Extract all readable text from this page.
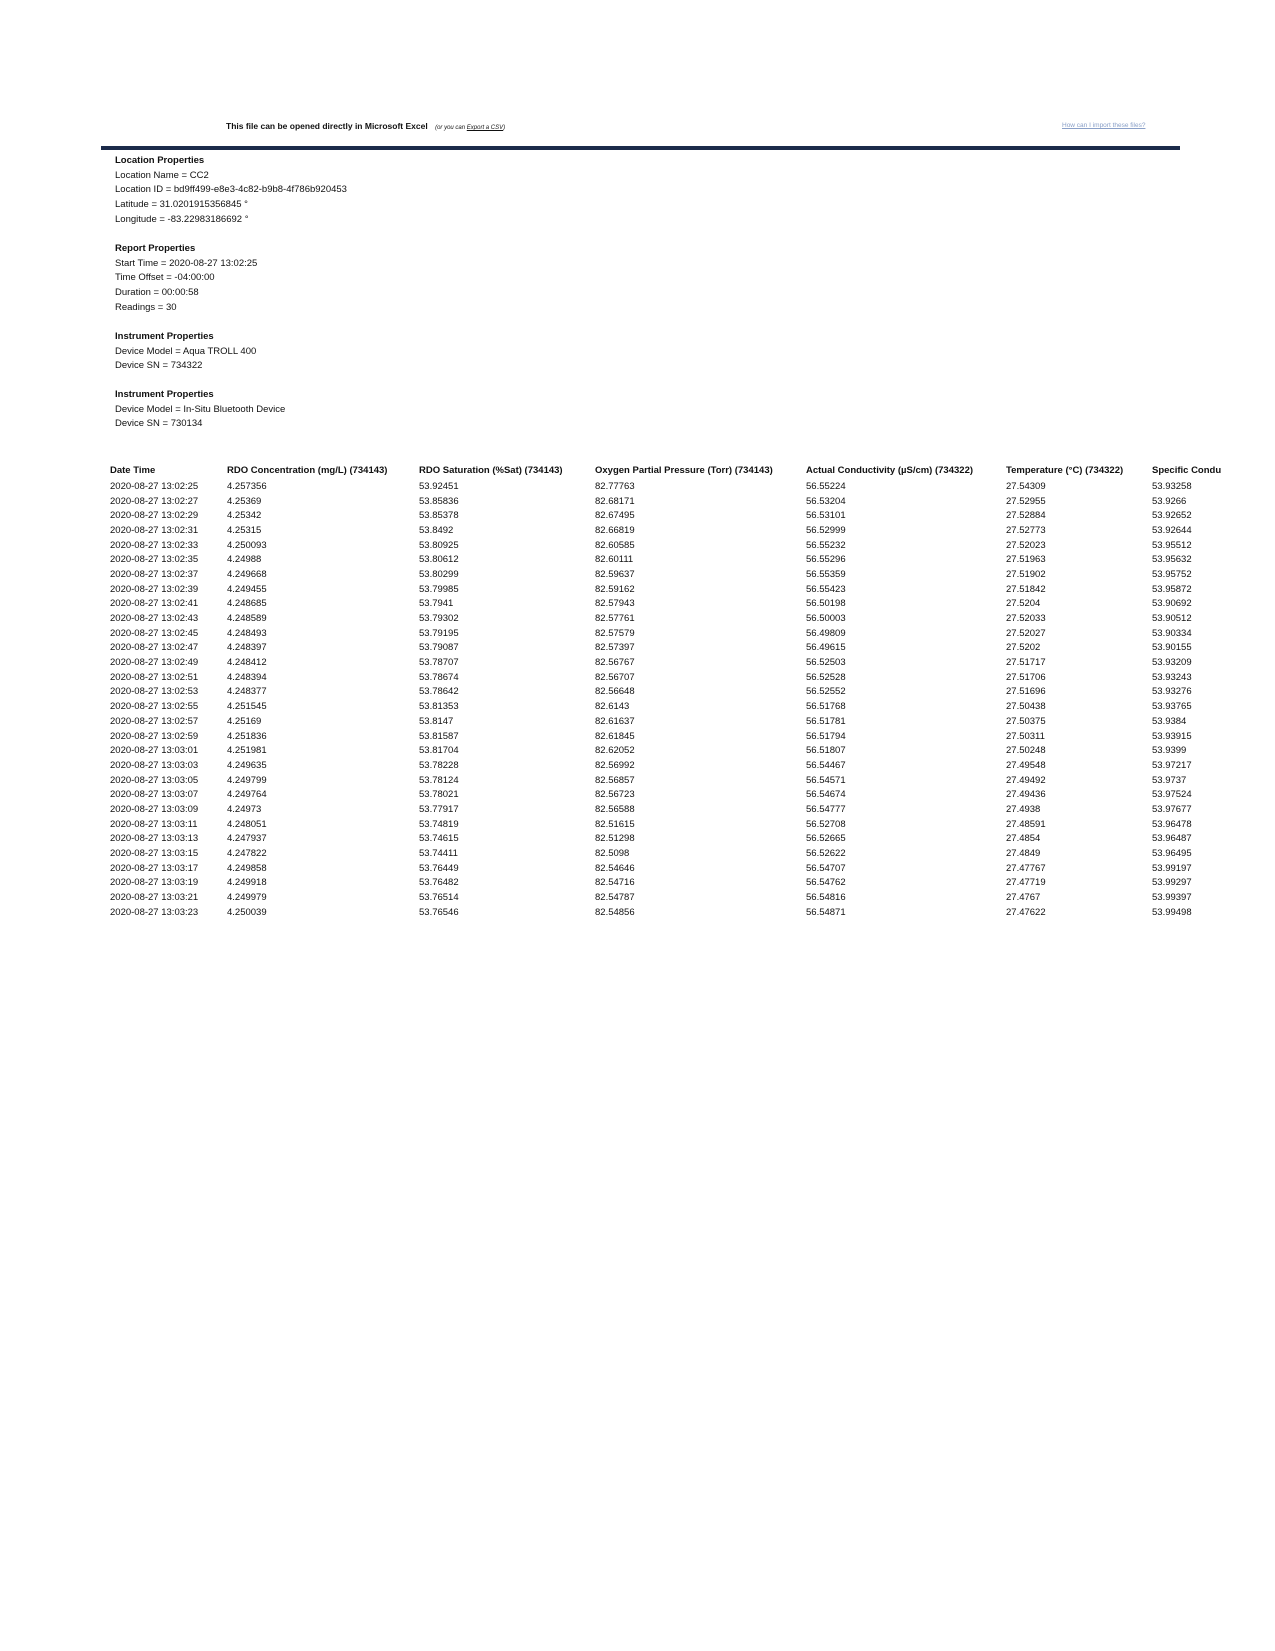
This file can be opened directly in Microsoft Excel (or you can Export a CSV)	How can I import these files?
Location Properties
Location Name = CC2
Location ID = bd9ff499-e8e3-4c82-b9b8-4f786b920453
Latitude = 31.0201915356845 °
Longitude = -83.22983186692 °
Report Properties
Start Time = 2020-08-27 13:02:25
Time Offset = -04:00:00
Duration = 00:00:58
Readings = 30
Instrument Properties
Device Model = Aqua TROLL 400
Device SN = 734322
Instrument Properties
Device Model = In-Situ Bluetooth Device
Device SN = 730134
Date Time	RDO Concentration (mg/L) (734143)	RDO Saturation (%Sat) (734143)	Oxygen Partial Pressure (Torr) (734143)	Actual Conductivity (µS/cm) (734322)	Temperature (°C) (734322)	Specific Condu
2020-08-27 13:02:25	4.257356	53.92451	82.77763	56.55224	27.54309	53.93258
2020-08-27 13:02:27	4.25369	53.85836	82.68171	56.53204	27.52955	53.9266
2020-08-27 13:02:29	4.25342	53.85378	82.67495	56.53101	27.52884	53.92652
2020-08-27 13:02:31	4.25315	53.8492	82.66819	56.52999	27.52773	53.92644
2020-08-27 13:02:33	4.250093	53.80925	82.60585	56.55232	27.52023	53.95512
2020-08-27 13:02:35	4.24988	53.80612	82.60111	56.55296	27.51963	53.95632
2020-08-27 13:02:37	4.249668	53.80299	82.59637	56.55359	27.51902	53.95752
2020-08-27 13:02:39	4.249455	53.79985	82.59162	56.55423	27.51842	53.95872
2020-08-27 13:02:41	4.248685	53.7941	82.57943	56.50198	27.5204	53.90692
2020-08-27 13:02:43	4.248589	53.79302	82.57761	56.50003	27.52033	53.90512
2020-08-27 13:02:45	4.248493	53.79195	82.57579	56.49809	27.52027	53.90334
2020-08-27 13:02:47	4.248397	53.79087	82.57397	56.49615	27.5202	53.90155
2020-08-27 13:02:49	4.248412	53.78707	82.56767	56.52503	27.51717	53.93209
2020-08-27 13:02:51	4.248394	53.78674	82.56707	56.52528	27.51706	53.93243
2020-08-27 13:02:53	4.248377	53.78642	82.56648	56.52552	27.51696	53.93276
2020-08-27 13:02:55	4.251545	53.81353	82.6143	56.51768	27.50438	53.93765
2020-08-27 13:02:57	4.25169	53.8147	82.61637	56.51781	27.50375	53.9384
2020-08-27 13:02:59	4.251836	53.81587	82.61845	56.51794	27.50311	53.93915
2020-08-27 13:03:01	4.251981	53.81704	82.62052	56.51807	27.50248	53.9399
2020-08-27 13:03:03	4.249635	53.78228	82.56992	56.54467	27.49548	53.97217
2020-08-27 13:03:05	4.249799	53.78124	82.56857	56.54571	27.49492	53.9737
2020-08-27 13:03:07	4.249764	53.78021	82.56723	56.54674	27.49436	53.97524
2020-08-27 13:03:09	4.24973	53.77917	82.56588	56.54777	27.4938	53.97677
2020-08-27 13:03:11	4.248051	53.74819	82.51615	56.52708	27.48591	53.96478
2020-08-27 13:03:13	4.247937	53.74615	82.51298	56.52665	27.4854	53.96487
2020-08-27 13:03:15	4.247822	53.74411	82.5098	56.52622	27.4849	53.96495
2020-08-27 13:03:17	4.249858	53.76449	82.54646	56.54707	27.47767	53.99197
2020-08-27 13:03:19	4.249918	53.76482	82.54716	56.54762	27.47719	53.99297
2020-08-27 13:03:21	4.249979	53.76514	82.54787	56.54816	27.4767	53.99397
2020-08-27 13:03:23	4.250039	53.76546	82.54856	56.54871	27.47622	53.99498
